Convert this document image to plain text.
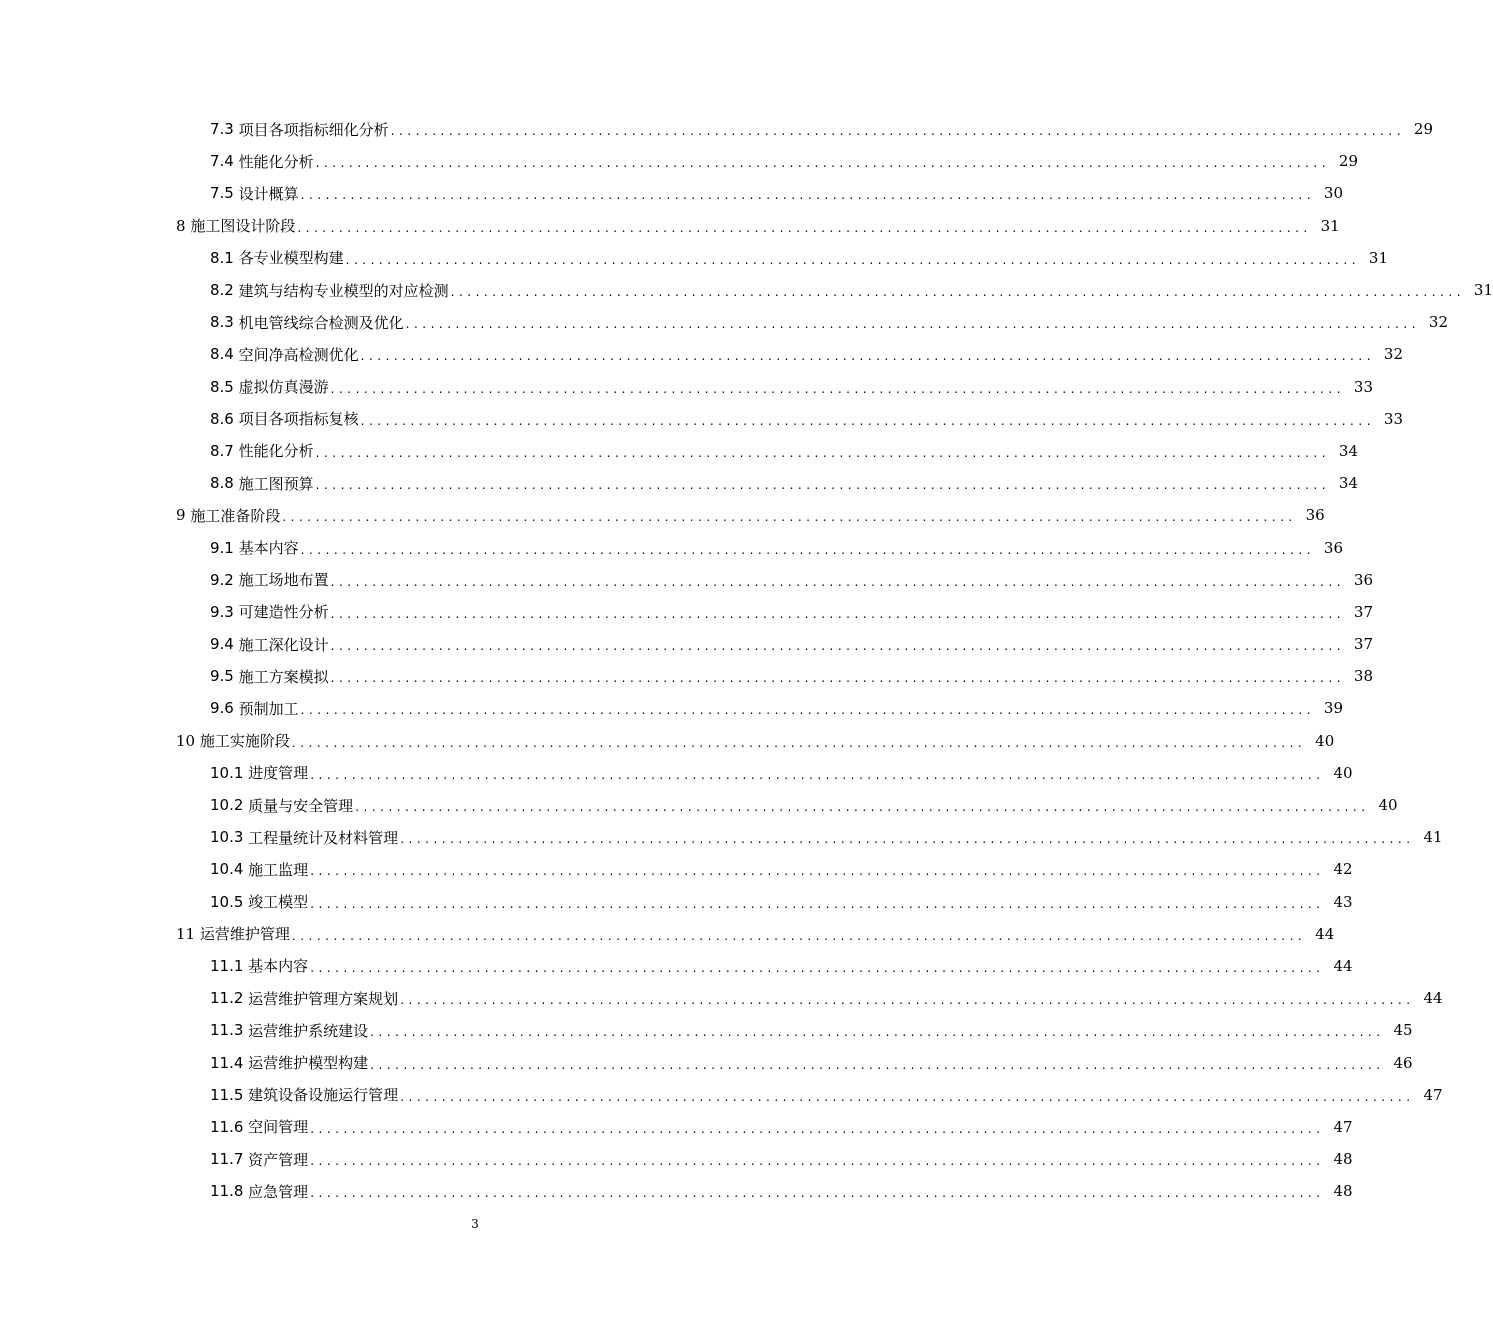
7.3 项目各项指标细化分析 .......................................................................................................................... 29
7.4 性能化分析 .......................................................................................................................... 29
7.5 设计概算 .......................................................................................................................... 30
8 施工图设计阶段 .......................................................................................................................... 31
8.1 各专业模型构建 .......................................................................................................................... 31
8.2 建筑与结构专业模型的对应检测 .......................................................................................................................... 31
8.3 机电管线综合检测及优化 .......................................................................................................................... 32
8.4 空间净高检测优化 .......................................................................................................................... 32
8.5 虚拟仿真漫游 .......................................................................................................................... 33
8.6 项目各项指标复核 .......................................................................................................................... 33
8.7 性能化分析 .......................................................................................................................... 34
8.8 施工图预算 .......................................................................................................................... 34
9 施工准备阶段 .......................................................................................................................... 36
9.1 基本内容 .......................................................................................................................... 36
9.2 施工场地布置 .......................................................................................................................... 36
9.3 可建造性分析 .......................................................................................................................... 37
9.4 施工深化设计 .......................................................................................................................... 37
9.5 施工方案模拟 .......................................................................................................................... 38
9.6 预制加工 .......................................................................................................................... 39
10 施工实施阶段 .......................................................................................................................... 40
10.1 进度管理 .......................................................................................................................... 40
10.2 质量与安全管理 .......................................................................................................................... 40
10.3 工程量统计及材料管理 .......................................................................................................................... 41
10.4 施工监理 .......................................................................................................................... 42
10.5 竣工模型 .......................................................................................................................... 43
11 运营维护管理 .......................................................................................................................... 44
11.1 基本内容 .......................................................................................................................... 44
11.2 运营维护管理方案规划 .......................................................................................................................... 44
11.3 运营维护系统建设 .......................................................................................................................... 45
11.4 运营维护模型构建 .......................................................................................................................... 46
11.5 建筑设备设施运行管理 .......................................................................................................................... 47
11.6 空间管理 .......................................................................................................................... 47
11.7 资产管理 .......................................................................................................................... 48
11.8 应急管理 .......................................................................................................................... 48
3
